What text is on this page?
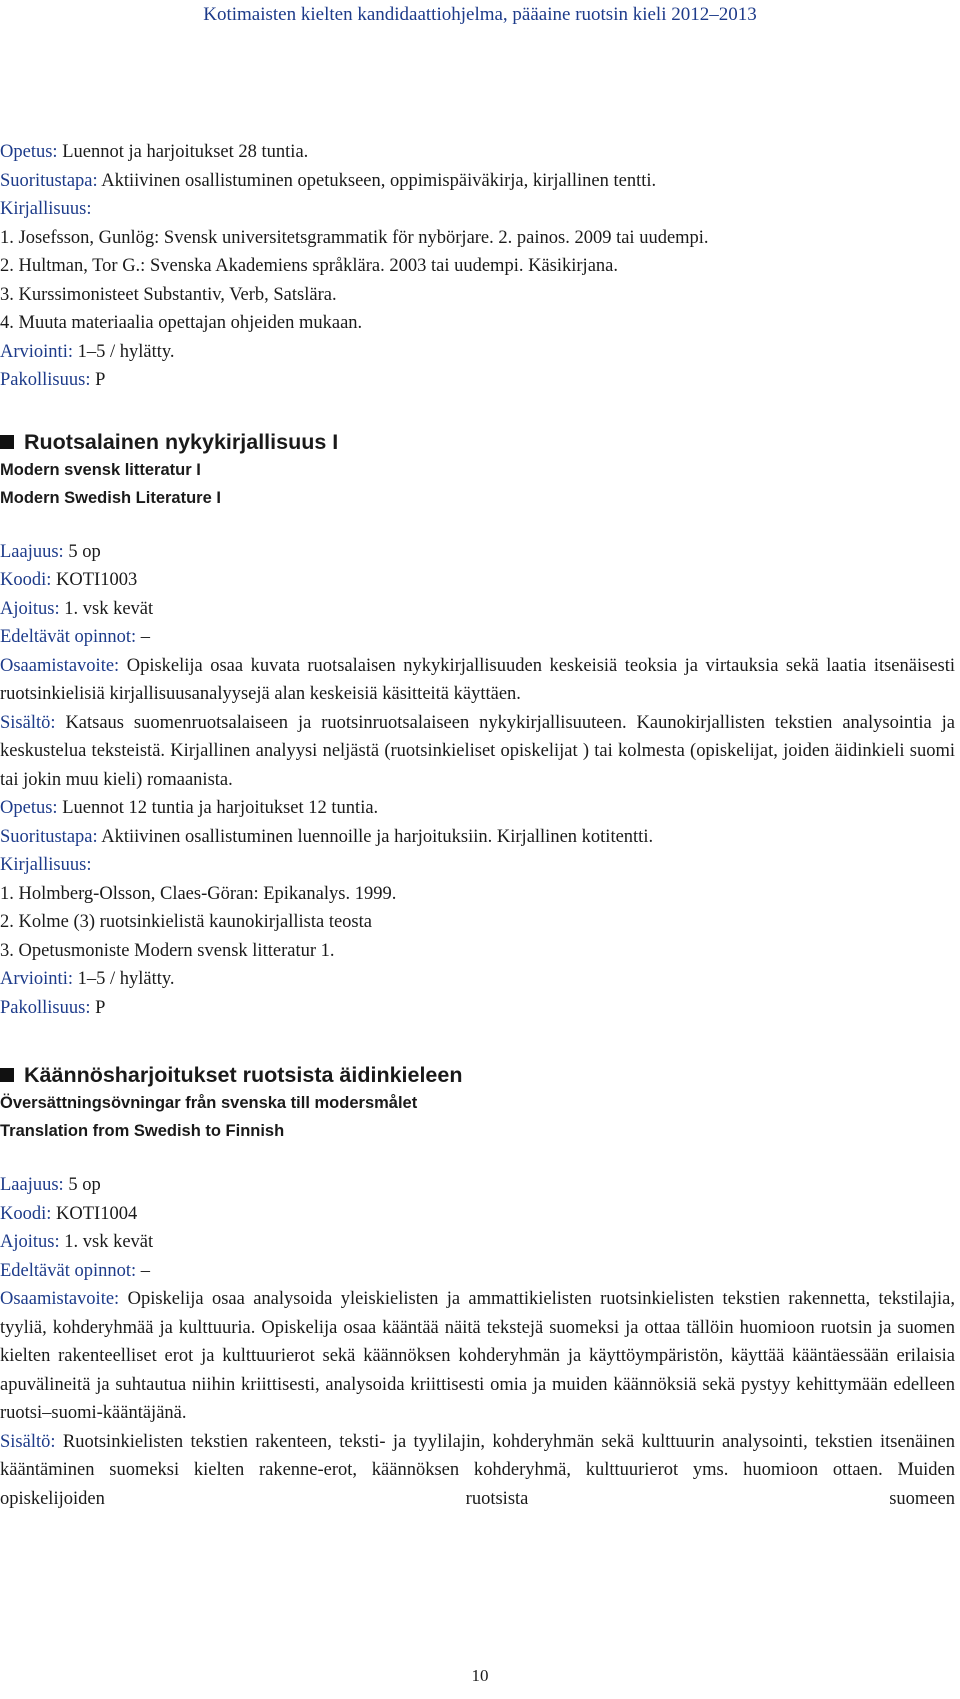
Kotimaisten kielten kandidaattiohjelma, pääaine ruotsin kieli 2012–2013
Opetus: Luennot ja harjoitukset 28 tuntia.
Suoritustapa: Aktiivinen osallistuminen opetukseen, oppimispäiväkirja, kirjallinen tentti.
Kirjallisuus:
1. Josefsson, Gunlög: Svensk universitetsgrammatik för nybörjare. 2. painos. 2009 tai uudempi.
2. Hultman, Tor G.: Svenska Akademiens språklära. 2003 tai uudempi. Käsikirjana.
3. Kurssimonisteet Substantiv, Verb, Satslära.
4. Muuta materiaalia opettajan ohjeiden mukaan.
Arviointi: 1–5 / hylätty.
Pakollisuus: P
Ruotsalainen nykykirjallisuus I
Modern svensk litteratur I
Modern Swedish Literature I
Laajuus: 5 op
Koodi: KOTI1003
Ajoitus: 1. vsk kevät
Edeltävät opinnot: –
Osaamistavoite: Opiskelija osaa kuvata ruotsalaisen nykykirjallisuuden keskeisiä teoksia ja virtauksia sekä laatia itsenäisesti ruotsinkielisiä kirjallisuusanalyysejä alan keskeisiä käsitteitä käyttäen.
Sisältö: Katsaus suomenruotsalaiseen ja ruotsinruotsalaiseen nykykirjallisuuteen. Kaunokirjallisten tekstien analysointia ja keskustelua teksteistä. Kirjallinen analyysi neljästä (ruotsinkieliset opiskelijat ) tai kolmesta (opiskelijat, joiden äidinkieli suomi tai jokin muu kieli) romaanista.
Opetus: Luennot 12 tuntia ja harjoitukset 12 tuntia.
Suoritustapa: Aktiivinen osallistuminen luennoille ja harjoituksiin. Kirjallinen kotitentti.
Kirjallisuus:
1. Holmberg-Olsson, Claes-Göran: Epikanalys. 1999.
2. Kolme (3) ruotsinkielistä kaunokirjallista teosta
3. Opetusmoniste Modern svensk litteratur 1.
Arviointi: 1–5 / hylätty.
Pakollisuus: P
Käännösharjoitukset ruotsista äidinkieleen
Översättningsövningar från svenska till modersmålet
Translation from Swedish to Finnish
Laajuus: 5 op
Koodi: KOTI1004
Ajoitus: 1. vsk kevät
Edeltävät opinnot: –
Osaamistavoite: Opiskelija osaa analysoida yleiskielisten ja ammattikielisten ruotsinkielisten tekstien rakennetta, tekstilajia, tyyliä, kohderyhmää ja kulttuuria. Opiskelija osaa kääntää näitä tekstejä suomeksi ja ottaa tällöin huomioon ruotsin ja suomen kielten rakenteelliset erot ja kulttuurierot sekä käännöksen kohderyhmän ja käyttöympäristön, käyttää kääntäessään erilaisia apuvälineitä ja suhtautua niihin kriittisesti, analysoida kriittisesti omia ja muiden käännöksiä sekä pystyy kehittymään edelleen ruotsi–suomi-kääntäjänä.
Sisältö: Ruotsinkielisten tekstien rakenteen, teksti- ja tyylilajin, kohderyhmän sekä kulttuurin analysointi, tekstien itsenäinen kääntäminen suomeksi kielten rakenne-erot, käännöksen kohderyhmä, kulttuurierot yms. huomioon ottaen. Muiden opiskelijoiden ruotsista suomeen
10
